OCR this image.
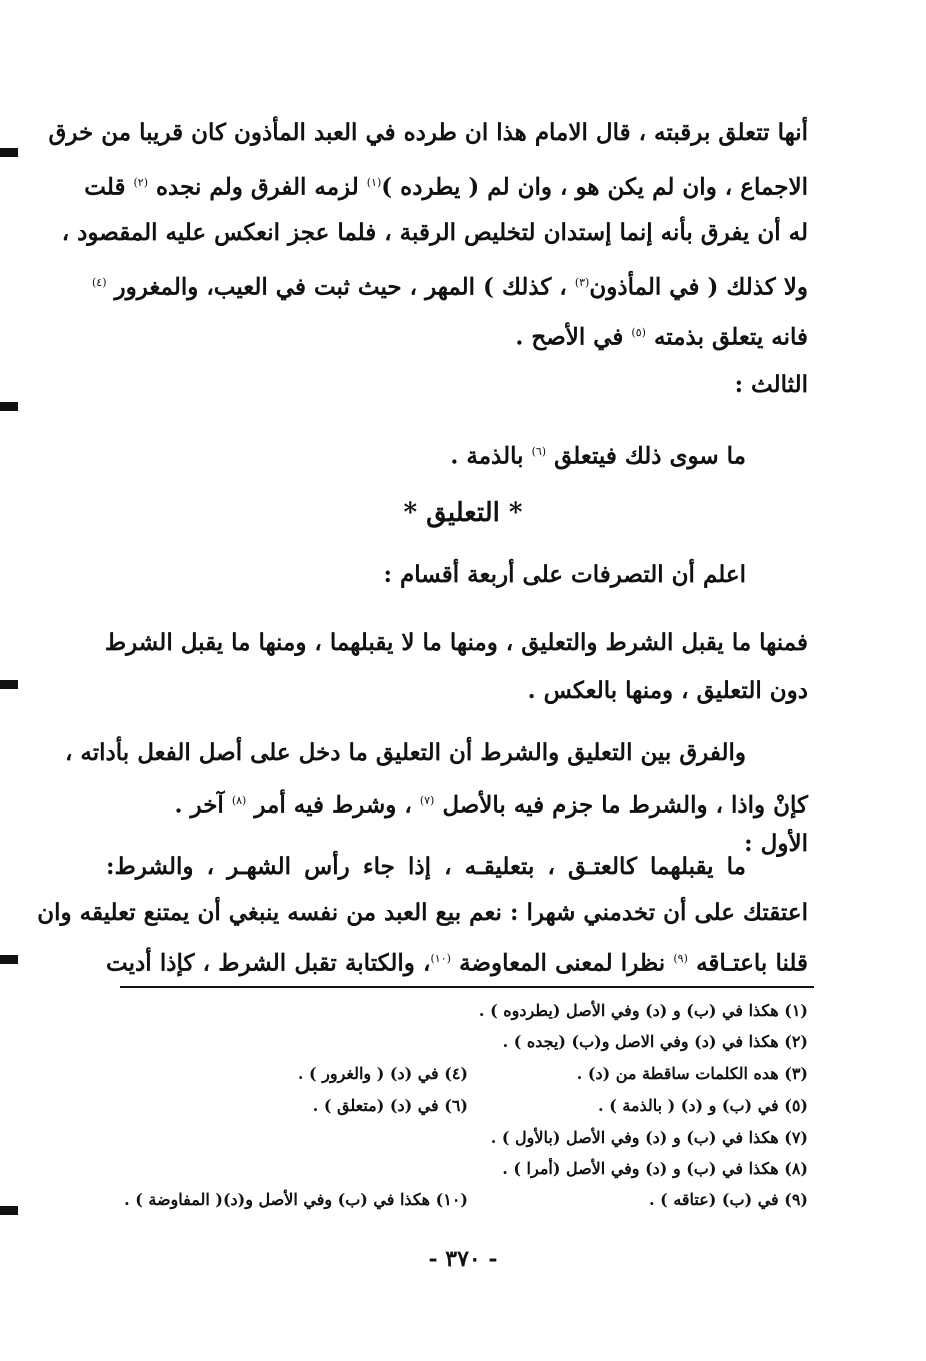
أنها تتعلق برقبته ، قال الامام هذا ان طرده في العبد المأذون كان قريبا من خرق
الاجماع ، وان لم يكن هو ، وان لم ( يطرده )$^{(١)}$ لزمه الفرق ولم نجده $^{(٢)}$ قلت
له أن يفرق بأنه إنما إستدان لتخليص الرقبة ، فلما عجز انعكس عليه المقصود ،
ولا كذلك ( في المأذون$^{(٣)}$ ، كذلك ) المهر ، حيث ثبت في العيب، والمغرور $^{(٤)}$
فانه يتعلق بذمته $^{(٥)}$ في الأصح .
الثالث :
ما سوى ذلك فيتعلق $^{(٦)}$ بالذمة .
* التعليق *
اعلم أن التصرفات على أربعة أقسام :
فمنها ما يقبل الشرط والتعليق ، ومنها ما لا يقبلهما ، ومنها ما يقبل الشرط
دون التعليق ، ومنها بالعكس .
والفرق بين التعليق والشرط أن التعليق ما دخل على أصل الفعل بأداته ،
كإنْ واذا ، والشرط ما جزم فيه بالأصل $^{(٧)}$ ، وشرط فيه أمر $^{(٨)}$ آخر .
الأول :
ما يقبلهما كالعتـق ، بتعليقـه ، إذا جاء رأس الشهـر ، والشرط:
اعتقتك على أن تخدمني شهرا : نعم بيع العبد من نفسه ينبغي أن يمتنع تعليقه وان
قلنا باعتـاقه $^{(٩)}$ نظرا لمعنى المعاوضة $^{(١٠)}$، والكتابة تقبل الشرط ، كإذا أديت
(١) هكذا في (ب) و (د) وفي الأصل (يطردوه ) .
(٢) هكذا في (د) وفي الاصل و(ب) (يجده ) .
(٣) هده الكلمات ساقطة من (د) .
(٤) في (د) ( والغرور ) .
(٥) في (ب) و (د) ( بالذمة ) .
(٦) في (د) (متعلق ) .
(٧) هكذا في (ب) و (د) وفي الأصل (بالأول ) .
(٨) هكذا في (ب) و (د) وفي الأصل (أمرا ) .
(٩) في (ب) (عتاقه ) .
(١٠) هكذا في (ب) وفي الأصل و(د)( المفاوضة ) .
- ٣٧٠ -
